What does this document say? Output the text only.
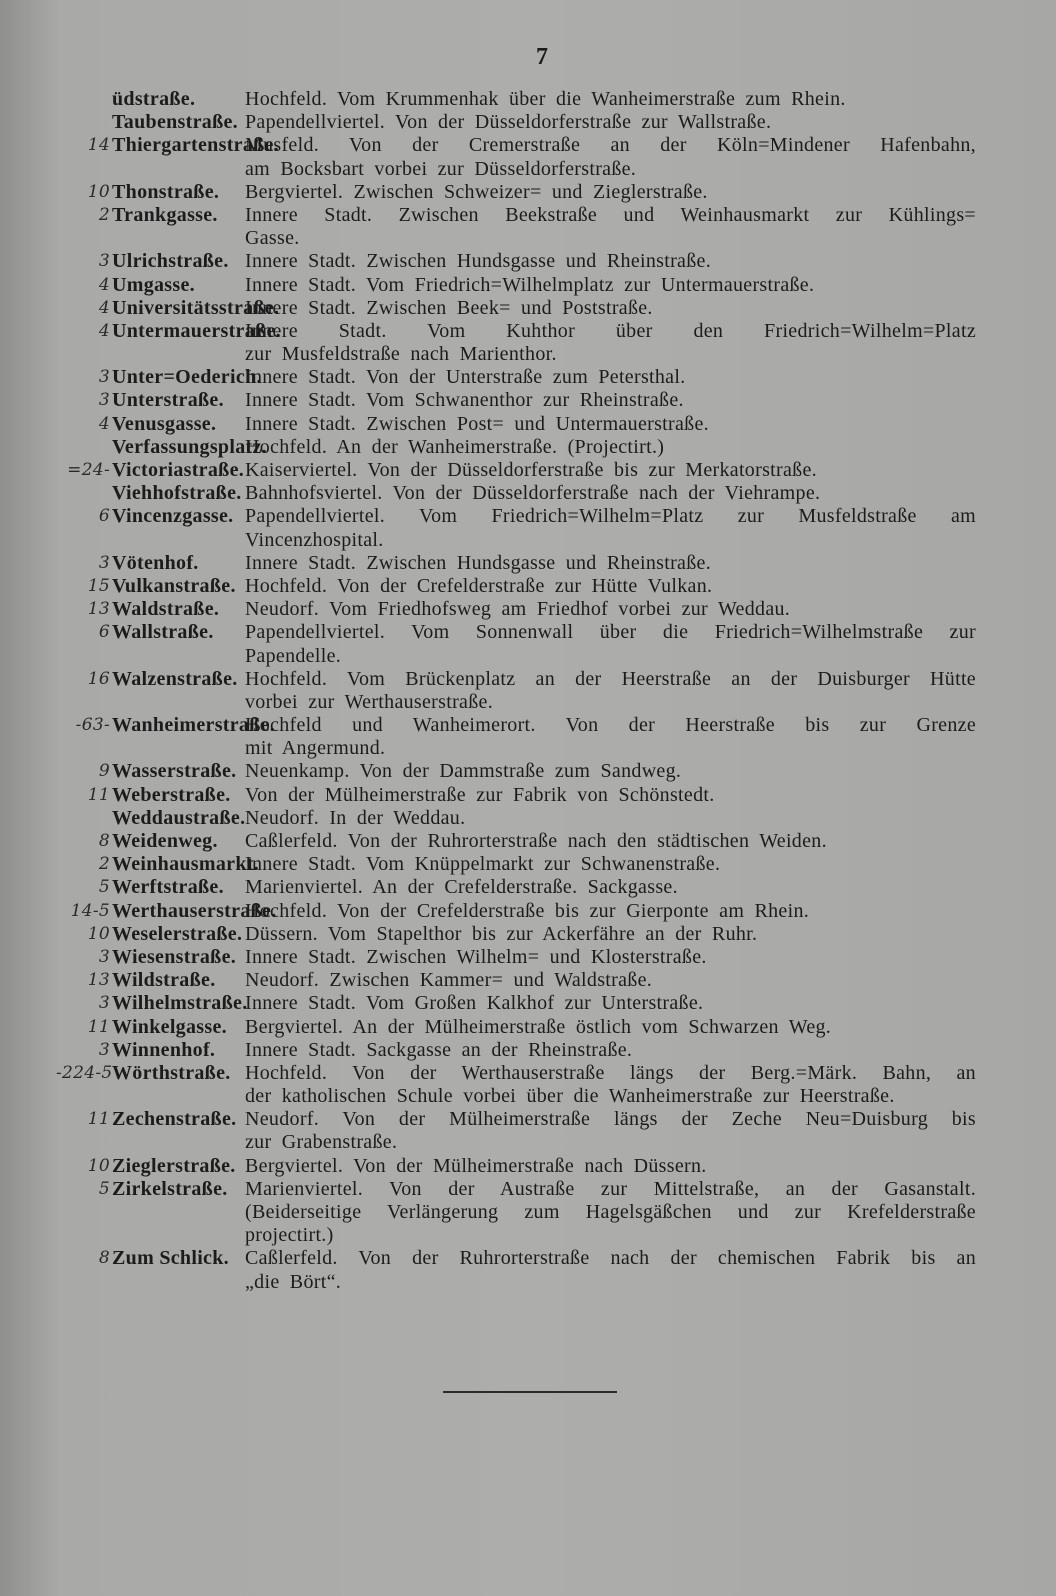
7
üdstraße. Hochfeld. Vom Krummenhak über die Wanheimerstraße zum Rhein.
Taubenstraße. Papendellviertel. Von der Düsseldorferstraße zur Wallstraße.
14 Thiergartenstraße.
Musfeld. Von der Cremerstraße an der Köln=Mindener Hafenbahn,
am Bocksbart vorbei zur Düsseldorferstraße.
10 Thonstraße. Bergviertel. Zwischen Schweizer= und Zieglerstraße.
2 Trankgasse. Innere Stadt. Zwischen Beekstraße und Weinhausmarkt zur Kühlings=
Gasse.
3 Ulrichstraße. Innere Stadt. Zwischen Hundsgasse und Rheinstraße.
4 Umgasse.	Innere Stadt. Vom Friedrich=Wilhelmplatz zur Untermauerstraße.
4 Universitätsstraße.
Innere Stadt. Zwischen Beek= und Poststraße.
4 Untermauerstraße.
Innere Stadt. Vom Kuhthor über den Friedrich=Wilhelm=Platz
zur Musfeldstraße nach Marienthor.
3 Unter=Oederich.
Innere Stadt. Von der Unterstraße zum Petersthal.
3 Unterstraße. Innere Stadt. Vom Schwanenthor zur Rheinstraße.
4 Venusgasse. Innere Stadt. Zwischen Post= und Untermauerstraße.
Verfassungsplatz.
Hochfeld. An der Wanheimerstraße. (Projectirt.)
=24- Victoriastraße. Kaiserviertel. Von der Düsseldorferstraße bis zur Merkatorstraße.
Viehhofstraße. Bahnhofsviertel. Von der Düsseldorferstraße nach der Viehrampe.
6 Vincenzgasse. Papendellviertel. Vom Friedrich=Wilhelm=Platz zur Musfeldstraße am
Vincenzhospital.
3 Vötenhof. Innere Stadt. Zwischen Hundsgasse und Rheinstraße.
15 Vulkanstraße. Hochfeld. Von der Crefelderstraße zur Hütte Vulkan.
13 Waldstraße. Neudorf. Vom Friedhofsweg am Friedhof vorbei zur Weddau.
6 Wallstraße. Papendellviertel. Vom Sonnenwall über die Friedrich=Wilhelmstraße zur
Papendelle.
16 Walzenstraße. Hochfeld. Vom Brückenplatz an der Heerstraße an der Duisburger Hütte
vorbei zur Werthauserstraße.
-63- Wanheimerstraße.
Hochfeld und Wanheimerort. Von der Heerstraße bis zur Grenze
mit Angermund.
9 Wasserstraße. Neuenkamp. Von der Dammstraße zum Sandweg.
11 Weberstraße. Von der Mülheimerstraße zur Fabrik von Schönstedt.
Weddaustraße. Neudorf. In der Weddau.
8 Weidenweg. Caßlerfeld. Von der Ruhrorterstraße nach den städtischen Weiden.
2 Weinhausmarkt.
Innere Stadt. Vom Knüppelmarkt zur Schwanenstraße.
5 Werftstraße. Marienviertel. An der Crefelderstraße. Sackgasse.
14-5 Werthauserstraße.
Hochfeld. Von der Crefelderstraße bis zur Gierponte am Rhein.
10 Weselerstraße. Düssern. Vom Stapelthor bis zur Ackerfähre an der Ruhr.
3 Wiesenstraße. Innere Stadt. Zwischen Wilhelm= und Klosterstraße.
13 Wildstraße. Neudorf. Zwischen Kammer= und Waldstraße.
3 Wilhelmstraße.
Innere Stadt. Vom Großen Kalkhof zur Unterstraße.
11 Winkelgasse. Bergviertel. An der Mülheimerstraße östlich vom Schwarzen Weg.
3 Winnenhof. Innere Stadt. Sackgasse an der Rheinstraße.
-224-5 Wörthstraße. Hochfeld. Von der Werthauserstraße längs der Berg.=Märk. Bahn, an
der katholischen Schule vorbei über die Wanheimerstraße zur Heerstraße.
11 Zechenstraße. Neudorf. Von der Mülheimerstraße längs der Zeche Neu=Duisburg bis
zur Grabenstraße.
10 Zieglerstraße. Bergviertel. Von der Mülheimerstraße nach Düssern.
5 Zirkelstraße. Marienviertel. Von der Austraße zur Mittelstraße, an der Gasanstalt.
(Beiderseitige Verlängerung zum Hagelsgäßchen und zur Krefelderstraße
projectirt.)
8 Zum Schlick. Caßlerfeld. Von der Ruhrorterstraße nach der chemischen Fabrik bis an
„die Bört“.
